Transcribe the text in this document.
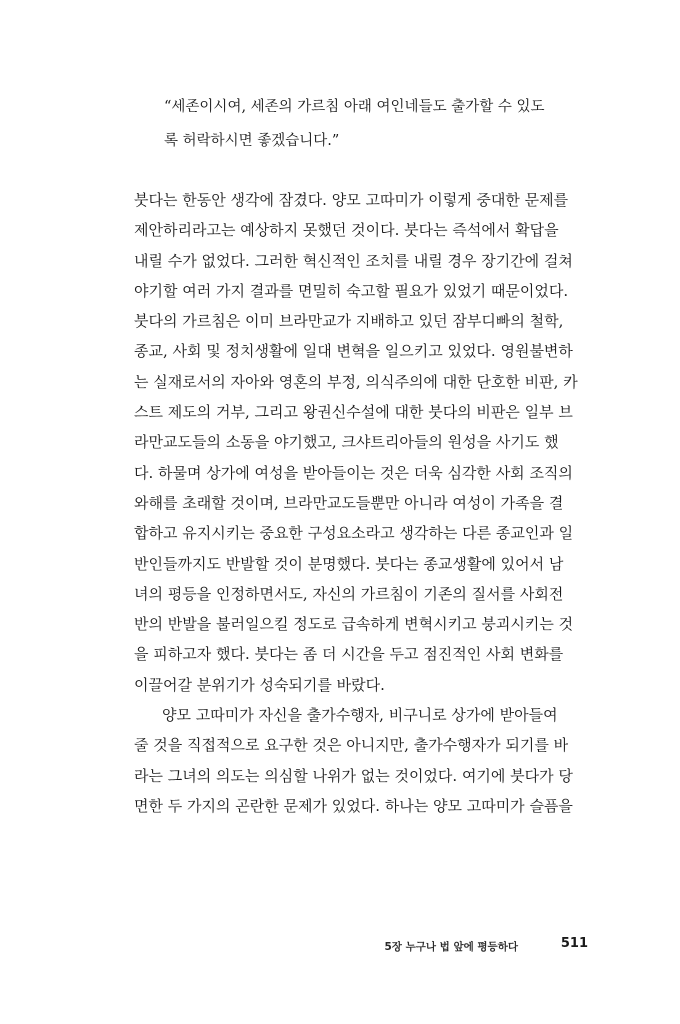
“세존이시여, 세존의 가르침 아래 여인네들도 출가할 수 있도
록 허락하시면 좋겠습니다.”
붓다는 한동안 생각에 잠겼다. 양모 고따미가 이렇게 중대한 문제를
제안하리라고는 예상하지 못했던 것이다. 붓다는 즉석에서 확답을
내릴 수가 없었다. 그러한 혁신적인 조치를 내릴 경우 장기간에 걸쳐
야기할 여러 가지 결과를 면밀히 숙고할 필요가 있었기 때문이었다.
붓다의 가르침은 이미 브라만교가 지배하고 있던 잠부디빠의 철학,
종교, 사회 및 정치생활에 일대 변혁을 일으키고 있었다. 영원불변하
는 실재로서의 자아와 영혼의 부정, 의식주의에 대한 단호한 비판, 카
스트 제도의 거부, 그리고 왕권신수설에 대한 붓다의 비판은 일부 브
라만교도들의 소동을 야기했고, 크샤트리아들의 원성을 사기도 했
다. 하물며 상가에 여성을 받아들이는 것은 더욱 심각한 사회 조직의
와해를 초래할 것이며, 브라만교도들뿐만 아니라 여성이 가족을 결
합하고 유지시키는 중요한 구성요소라고 생각하는 다른 종교인과 일
반인들까지도 반발할 것이 분명했다. 붓다는 종교생활에 있어서 남
녀의 평등을 인정하면서도, 자신의 가르침이 기존의 질서를 사회전
반의 반발을 불러일으킬 정도로 급속하게 변혁시키고 붕괴시키는 것
을 피하고자 했다. 붓다는 좀 더 시간을 두고 점진적인 사회 변화를
이끌어갈 분위기가 성숙되기를 바랐다.
양모 고따미가 자신을 출가수행자, 비구니로 상가에 받아들여
줄 것을 직접적으로 요구한 것은 아니지만, 출가수행자가 되기를 바
라는 그녀의 의도는 의심할 나위가 없는 것이었다. 여기에 붓다가 당
면한 두 가지의 곤란한 문제가 있었다. 하나는 양모 고따미가 슬픔을
5장 누구나 법 앞에 평등하다	511
